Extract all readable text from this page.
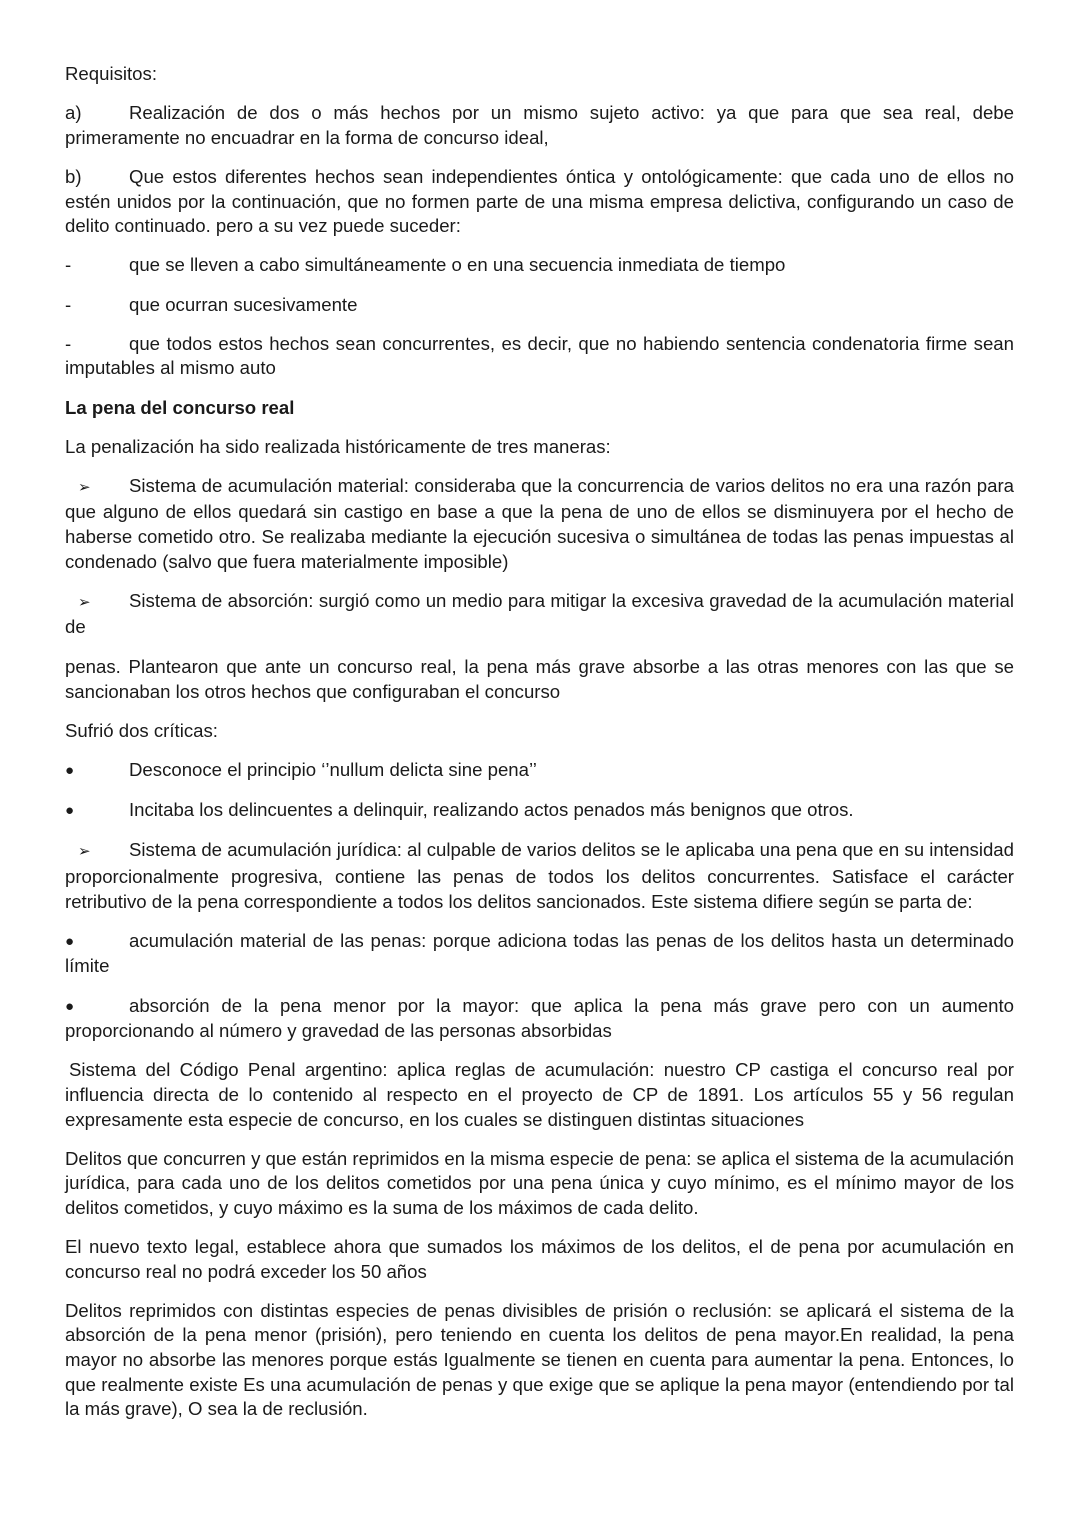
Requisitos:

a)	Realización de dos o más hechos por un mismo sujeto activo: ya que para que sea real, debe primeramente no encuadrar en la forma de concurso ideal,

b)	Que estos diferentes hechos sean independientes óntica y ontológicamente: que cada uno de ellos no estén unidos por la continuación, que no formen parte de una misma empresa delictiva, configurando un caso de delito continuado. pero a su vez puede suceder:

-	que se lleven a cabo simultáneamente o en una secuencia inmediata de tiempo

-	que ocurran sucesivamente

-	que todos estos hechos sean concurrentes, es decir, que no habiendo sentencia condenatoria firme sean imputables al mismo auto

La pena del concurso real

La penalización ha sido realizada históricamente de tres maneras:

➢ Sistema de acumulación material: consideraba que la concurrencia de varios delitos no era una razón para que alguno de ellos quedará sin castigo en base a que la pena de uno de ellos se disminuyera por el hecho de haberse cometido otro. Se realizaba mediante la ejecución sucesiva o simultánea de todas las penas impuestas al condenado (salvo que fuera materialmente imposible)

➢ Sistema de absorción: surgió como un medio para mitigar la excesiva gravedad de la acumulación material de

penas. Plantearon que ante un concurso real, la pena más grave absorbe a las otras menores con las que se sancionaban los otros hechos que configuraban el concurso

Sufrió dos críticas:

●	Desconoce el principio ‘’nullum delicta sine pena’’

●	Incitaba los delincuentes a delinquir, realizando actos penados más benignos que otros.

➢ Sistema de acumulación jurídica: al culpable de varios delitos se le aplicaba una pena que en su intensidad proporcionalmente progresiva, contiene las penas de todos los delitos concurrentes. Satisface el carácter retributivo de la pena correspondiente a todos los delitos sancionados. Este sistema difiere según se parta de:

●	acumulación material de las penas: porque adiciona todas las penas de los delitos hasta un determinado límite

●	absorción de la pena menor por la mayor: que aplica la pena más grave pero con un aumento proporcionando al número y gravedad de las personas absorbidas

Sistema del Código Penal argentino: aplica reglas de acumulación: nuestro CP castiga el concurso real por influencia directa de lo contenido al respecto en el proyecto de CP de 1891. Los artículos 55 y 56 regulan expresamente esta especie de concurso, en los cuales se distinguen distintas situaciones

Delitos que concurren y que están reprimidos en la misma especie de pena: se aplica el sistema de la acumulación jurídica, para cada uno de los delitos cometidos por una pena única y cuyo mínimo, es el mínimo mayor de los delitos cometidos, y cuyo máximo es la suma de los máximos de cada delito.

El nuevo texto legal, establece ahora que sumados los máximos de los delitos, el de pena por acumulación en concurso real no podrá exceder los 50 años

Delitos reprimidos con distintas especies de penas divisibles de prisión o reclusión: se aplicará el sistema de la absorción de la pena menor (prisión), pero teniendo en cuenta los delitos de pena mayor.En realidad, la pena mayor no absorbe las menores porque estás Igualmente se tienen en cuenta para aumentar la pena. Entonces, lo que realmente existe Es una acumulación de penas y que exige que se aplique la pena mayor (entendiendo por tal la más grave), O sea la de reclusión.
